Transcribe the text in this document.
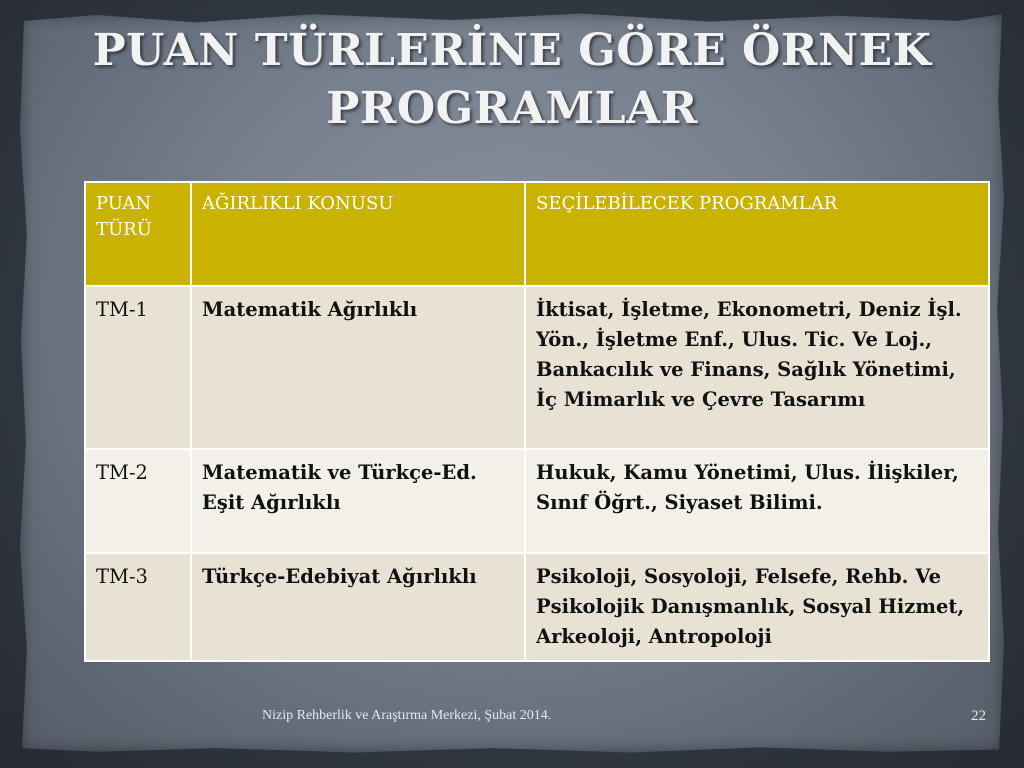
PUAN TÜRLERİNE GÖRE ÖRNEK
PROGRAMLAR
PUAN TÜRÜ	AĞIRLIKLI KONUSU	SEÇİLEBİLECEK PROGRAMLAR
TM-1	Matematik Ağırlıklı	İktisat, İşletme, Ekonometri, Deniz İşl. Yön., İşletme Enf., Ulus. Tic. Ve Loj., Bankacılık ve Finans, Sağlık Yönetimi, İç Mimarlık ve Çevre Tasarımı
TM-2	Matematik ve Türkçe-Ed. Eşit Ağırlıklı	Hukuk, Kamu Yönetimi, Ulus. İlişkiler, Sınıf Öğrt., Siyaset Bilimi.
TM-3	Türkçe-Edebiyat Ağırlıklı	Psikoloji, Sosyoloji, Felsefe, Rehb. Ve Psikolojik Danışmanlık, Sosyal Hizmet, Arkeoloji, Antropoloji
Nizip Rehberlik ve Araştırma Merkezi, Şubat 2014.	22
